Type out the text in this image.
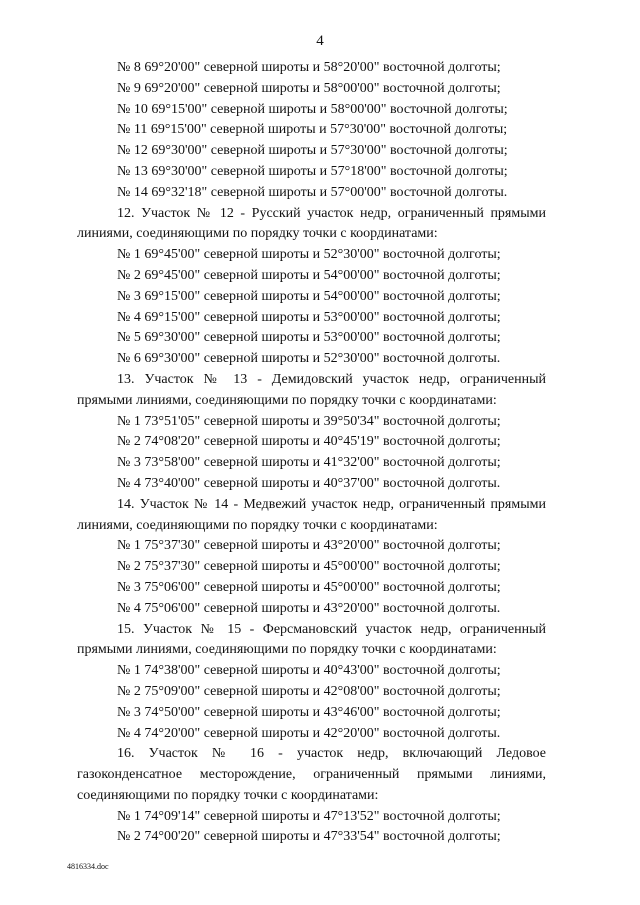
4
№ 8 69°20'00" северной широты и 58°20'00" восточной долготы;
№ 9 69°20'00" северной широты и 58°00'00" восточной долготы;
№ 10 69°15'00" северной широты и 58°00'00" восточной долготы;
№ 11 69°15'00" северной широты и 57°30'00" восточной долготы;
№ 12 69°30'00" северной широты и 57°30'00" восточной долготы;
№ 13 69°30'00" северной широты и 57°18'00" восточной долготы;
№ 14 69°32'18" северной широты и 57°00'00" восточной долготы.
12. Участок № 12 - Русский участок недр, ограниченный прямыми
линиями, соединяющими по порядку точки с координатами:
№ 1 69°45'00" северной широты и 52°30'00" восточной долготы;
№ 2 69°45'00" северной широты и 54°00'00" восточной долготы;
№ 3 69°15'00" северной широты и 54°00'00" восточной долготы;
№ 4 69°15'00" северной широты и 53°00'00" восточной долготы;
№ 5 69°30'00" северной широты и 53°00'00" восточной долготы;
№ 6 69°30'00" северной широты и 52°30'00" восточной долготы.
13. Участок № 13 - Демидовский участок недр, ограниченный
прямыми линиями, соединяющими по порядку точки с координатами:
№ 1 73°51'05" северной широты и 39°50'34" восточной долготы;
№ 2 74°08'20" северной широты и 40°45'19" восточной долготы;
№ 3 73°58'00" северной широты и 41°32'00" восточной долготы;
№ 4 73°40'00" северной широты и 40°37'00" восточной долготы.
14. Участок № 14 - Медвежий участок недр, ограниченный прямыми
линиями, соединяющими по порядку точки с координатами:
№ 1 75°37'30" северной широты и 43°20'00" восточной долготы;
№ 2 75°37'30" северной широты и 45°00'00" восточной долготы;
№ 3 75°06'00" северной широты и 45°00'00" восточной долготы;
№ 4 75°06'00" северной широты и 43°20'00" восточной долготы.
15. Участок № 15 - Ферсмановский участок недр, ограниченный
прямыми линиями, соединяющими по порядку точки с координатами:
№ 1 74°38'00" северной широты и 40°43'00" восточной долготы;
№ 2 75°09'00" северной широты и 42°08'00" восточной долготы;
№ 3 74°50'00" северной широты и 43°46'00" восточной долготы;
№ 4 74°20'00" северной широты и 42°20'00" восточной долготы.
16. Участок № 16 - участок недр, включающий Ледовое
газоконденсатное месторождение, ограниченный прямыми линиями,
соединяющими по порядку точки с координатами:
№ 1 74°09'14" северной широты и 47°13'52" восточной долготы;
№ 2 74°00'20" северной широты и 47°33'54" восточной долготы;
4816334.doc
